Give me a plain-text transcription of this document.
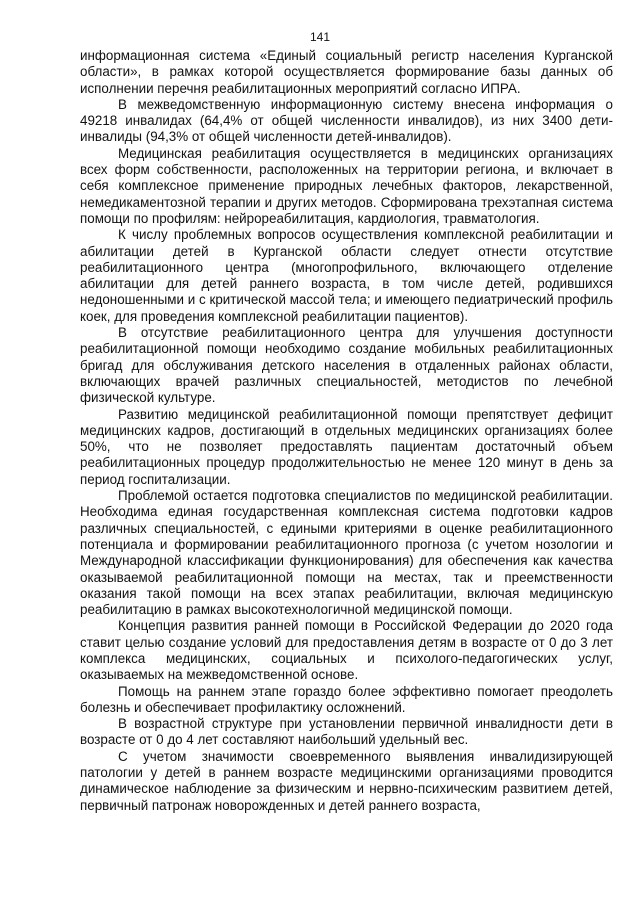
141

информационная система «Единый социальный регистр населения Курганской области», в рамках которой осуществляется формирование базы данных об исполнении перечня реабилитационных мероприятий согласно ИПРА.

В межведомственную информационную систему внесена информация о 49218 инвалидах (64,4% от общей численности инвалидов), из них 3400 дети-инвалиды (94,3% от общей численности детей-инвалидов).

Медицинская реабилитация осуществляется в медицинских организациях всех форм собственности, расположенных на территории региона, и включает в себя комплексное применение природных лечебных факторов, лекарственной, немедикаментозной терапии и других методов. Сформирована трехэтапная система помощи по профилям: нейрореабилитация, кардиология, травматология.

К числу проблемных вопросов осуществления комплексной реабилитации и абилитации детей в Курганской области следует отнести отсутствие реабилитационного центра (многопрофильного, включающего отделение абилитации для детей раннего возраста, в том числе детей, родившихся недоношенными и с критической массой тела; и имеющего педиатрический профиль коек, для проведения комплексной реабилитации пациентов).

В отсутствие реабилитационного центра для улучшения доступности реабилитационной помощи необходимо создание мобильных реабилитационных бригад для обслуживания детского населения в отдаленных районах области, включающих врачей различных специальностей, методистов по лечебной физической культуре.

Развитию медицинской реабилитационной помощи препятствует дефицит медицинских кадров, достигающий в отдельных медицинских организациях более 50%, что не позволяет предоставлять пациентам достаточный объем реабилитационных процедур продолжительностью не менее 120 минут в день за период госпитализации.

Проблемой остается подготовка специалистов по медицинской реабилитации. Необходима единая государственная комплексная система подготовки кадров различных специальностей, с едиными критериями в оценке реабилитационного потенциала и формировании реабилитационного прогноза (с учетом нозологии и Международной классификации функционирования) для обеспечения как качества оказываемой реабилитационной помощи на местах, так и преемственности оказания такой помощи на всех этапах реабилитации, включая медицинскую реабилитацию в рамках высокотехнологичной медицинской помощи.

Концепция развития ранней помощи в Российской Федерации до 2020 года ставит целью создание условий для предоставления детям в возрасте от 0 до 3 лет комплекса медицинских, социальных и психолого-педагогических услуг, оказываемых на межведомственной основе.

Помощь на раннем этапе гораздо более эффективно помогает преодолеть болезнь и обеспечивает профилактику осложнений.

В возрастной структуре при установлении первичной инвалидности дети в возрасте от 0 до 4 лет составляют наибольший удельный вес.

С учетом значимости своевременного выявления инвалидизирующей патологии у детей в раннем возрасте медицинскими организациями проводится динамическое наблюдение за физическим и нервно-психическим развитием детей, первичный патронаж новорожденных и детей раннего возраста,
